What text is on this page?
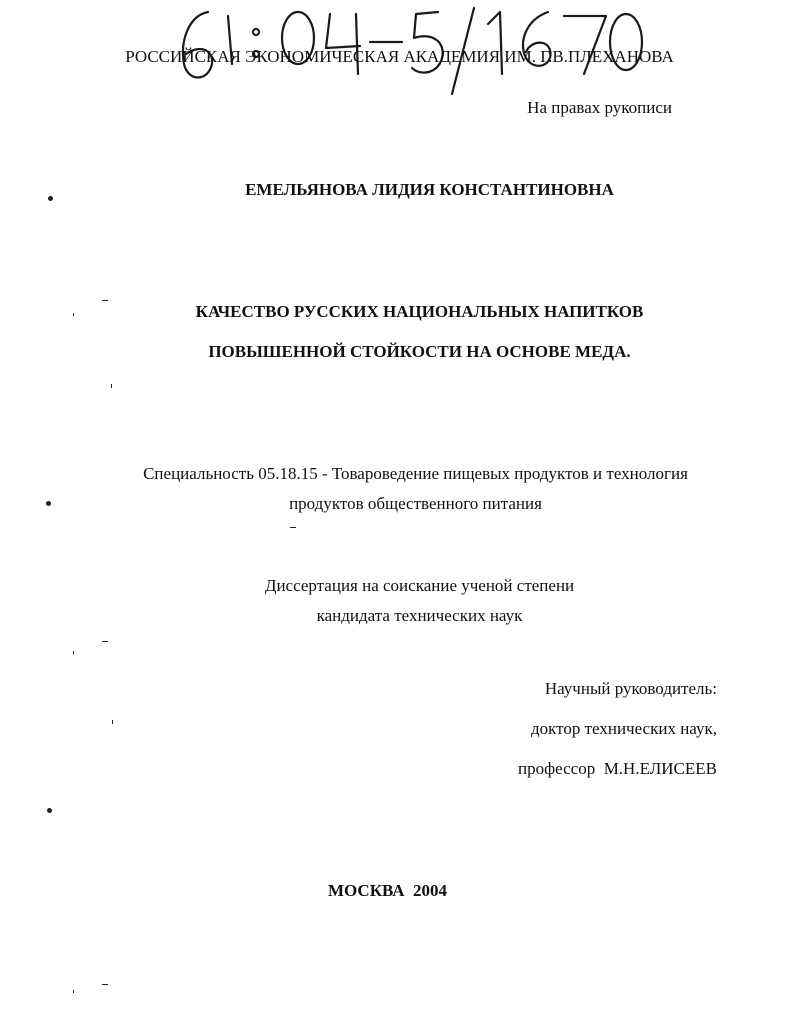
РОССИЙСКАЯ ЭКОНОМИЧЕСКАЯ АКАДЕМИЯ ИМ. Г.В.ПЛЕХАНОВА
На правах рукописи
ЕМЕЛЬЯНОВА ЛИДИЯ КОНСТАНТИНОВНА
КАЧЕСТВО РУССКИХ НАЦИОНАЛЬНЫХ НАПИТКОВ
ПОВЫШЕННОЙ СТОЙКОСТИ НА ОСНОВЕ МЕДА.
Специальность 05.18.15 - Товароведение пищевых продуктов и технология
продуктов общественного питания
Диссертация на соискание ученой степени
кандидата технических наук
Научный руководитель:
доктор технических наук,
профессор  М.Н.ЕЛИСЕЕВ
МОСКВА  2004
